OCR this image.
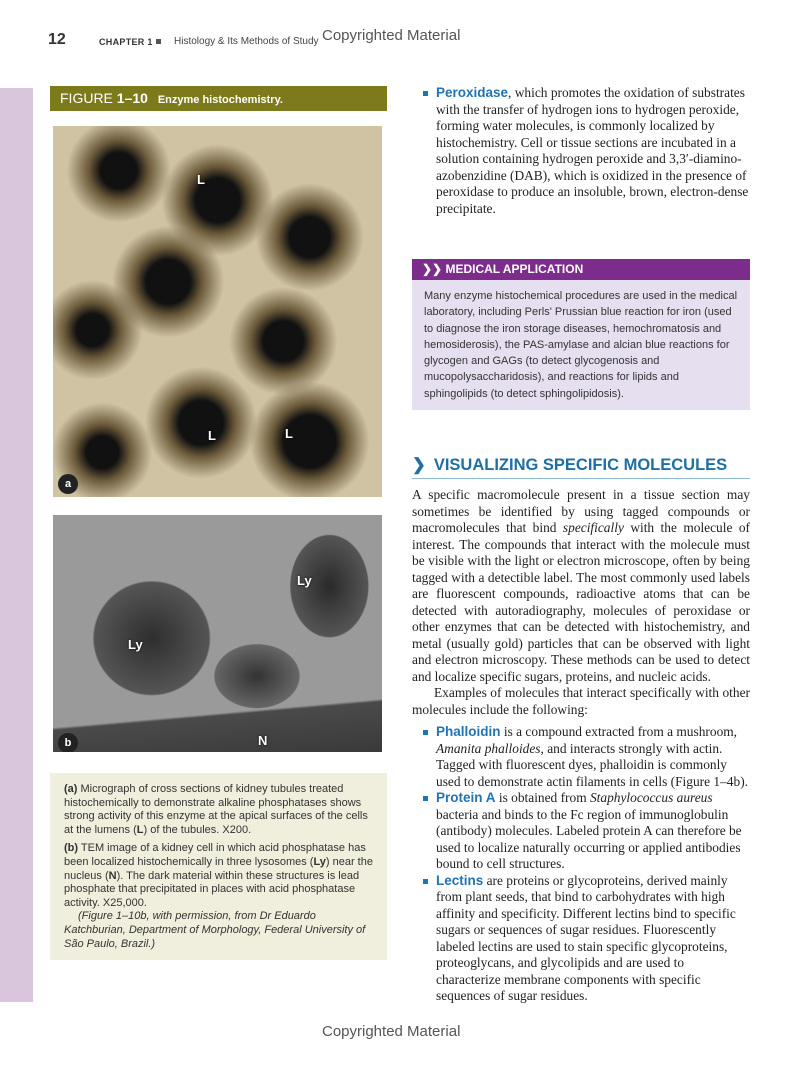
12	CHAPTER 1 Histology & Its Methods of Study Copyrighted Material
Copyrighted Material
FIGURE 1–10 Enzyme histochemistry.
L
L	L
a
Ly
Ly
N
b

(a) Micrograph of cross sections of kidney tubules treated histochemically to demonstrate alkaline phosphatases shows strong activity of this enzyme at the apical surfaces of the cells at the lumens (L) of the tubules. X200.

(b) TEM image of a kidney cell in which acid phosphatase has been localized histochemically in three lysosomes (Ly) near the nucleus (N). The dark material within these structures is lead phosphate that precipitated in places with acid phosphatase activity. X25,000.

(Figure 1–10b, with permission, from Dr Eduardo Katchburian, Department of Morphology, Federal University of São Paulo, Brazil.)

Peroxidase, which promotes the oxidation of substrates with the transfer of hydrogen ions to hydrogen peroxide, forming water molecules, is commonly localized by histochemistry. Cell or tissue sections are incubated in a solution containing hydrogen peroxide and 3,3′-diamino-azobenzidine (DAB), which is oxidized in the presence of peroxidase to produce an insoluble, brown, electron-dense precipitate.
❯❯ MEDICAL APPLICATION
Many enzyme histochemical procedures are used in the medical laboratory, including Perls' Prussian blue reaction for iron (used to diagnose the iron storage diseases, hemochromatosis and hemosiderosis), the PAS-amylase and alcian blue reactions for glycogen and GAGs (to detect glycogenosis and mucopolysaccharidosis), and reactions for lipids and sphingolipids (to detect sphingolipidosis).
❯ VISUALIZING SPECIFIC MOLECULES

A specific macromolecule present in a tissue section may sometimes be identified by using tagged compounds or macromolecules that bind specifically with the molecule of interest. The compounds that interact with the molecule must be visible with the light or electron microscope, often by being tagged with a detectible label. The most commonly used labels are fluorescent compounds, radioactive atoms that can be detected with autoradiography, molecules of peroxidase or other enzymes that can be detected with histochemistry, and metal (usually gold) particles that can be observed with light and electron microscopy. These methods can be used to detect and localize specific sugars, proteins, and nucleic acids.

Examples of molecules that interact specifically with other molecules include the following:

Phalloidin is a compound extracted from a mushroom, Amanita phalloides, and interacts strongly with actin. Tagged with fluorescent dyes, phalloidin is commonly used to demonstrate actin filaments in cells (Figure 1–4b).
Protein A is obtained from Staphylococcus aureus bacteria and binds to the Fc region of immunoglobulin (antibody) molecules. Labeled protein A can therefore be used to localize naturally occurring or applied antibodies bound to cell structures.
Lectins are proteins or glycoproteins, derived mainly from plant seeds, that bind to carbohydrates with high affinity and specificity. Different lectins bind to specific sugars or sequences of sugar residues. Fluorescently labeled lectins are used to stain specific glycoproteins, proteoglycans, and glycolipids and are used to characterize membrane components with specific sequences of sugar residues.
